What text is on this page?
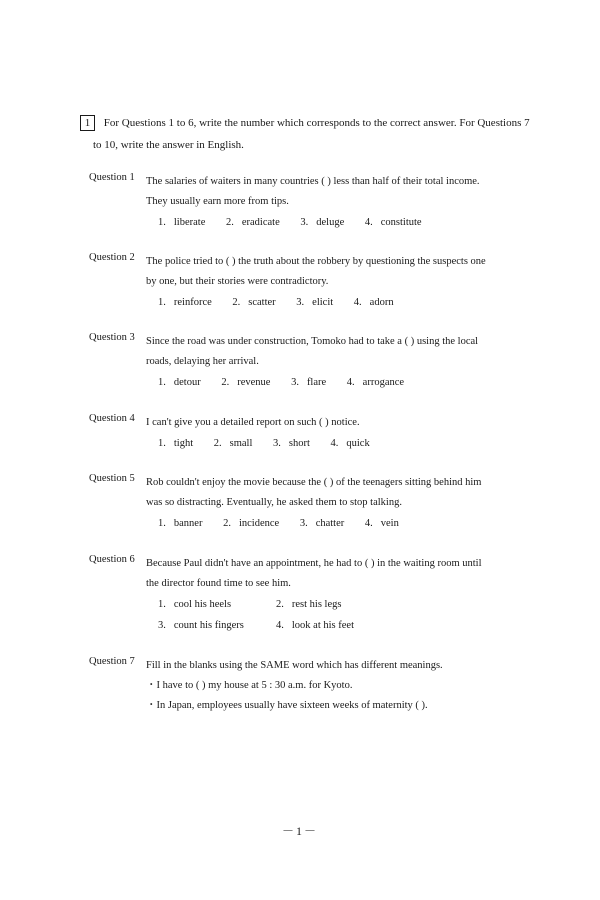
1 For Questions 1 to 6, write the number which corresponds to the correct answer. For Questions 7
to 10, write the answer in English.
Question 1	The salaries of waiters in many countries ( ) less than half of their total income.
They usually earn more from tips.
1. liberate 2. eradicate 3. deluge 4. constitute
Question 2	The police tried to ( ) the truth about the robbery by questioning the suspects one
by one, but their stories were contradictory.
1. reinforce 2. scatter 3. elicit 4. adorn
Question 3	Since the road was under construction, Tomoko had to take a ( ) using the local
roads, delaying her arrival.
1. detour 2. revenue 3. flare 4. arrogance
Question 4	I can't give you a detailed report on such ( ) notice.
1. tight 2. small 3. short 4. quick
Question 5	Rob couldn't enjoy the movie because the ( ) of the teenagers sitting behind him
was so distracting. Eventually, he asked them to stop talking.
1. banner 2. incidence 3. chatter 4. vein
Question 6	Because Paul didn't have an appointment, he had to ( ) in the waiting room until
the director found time to see him.
1. cool his heels	2. rest his legs
3. count his fingers	4. look at his feet
Question 7	Fill in the blanks using the SAME word which has different meanings.
・I have to ( ) my house at 5 : 30 a.m. for Kyoto.
・In Japan, employees usually have sixteen weeks of maternity ( ).
－1－
